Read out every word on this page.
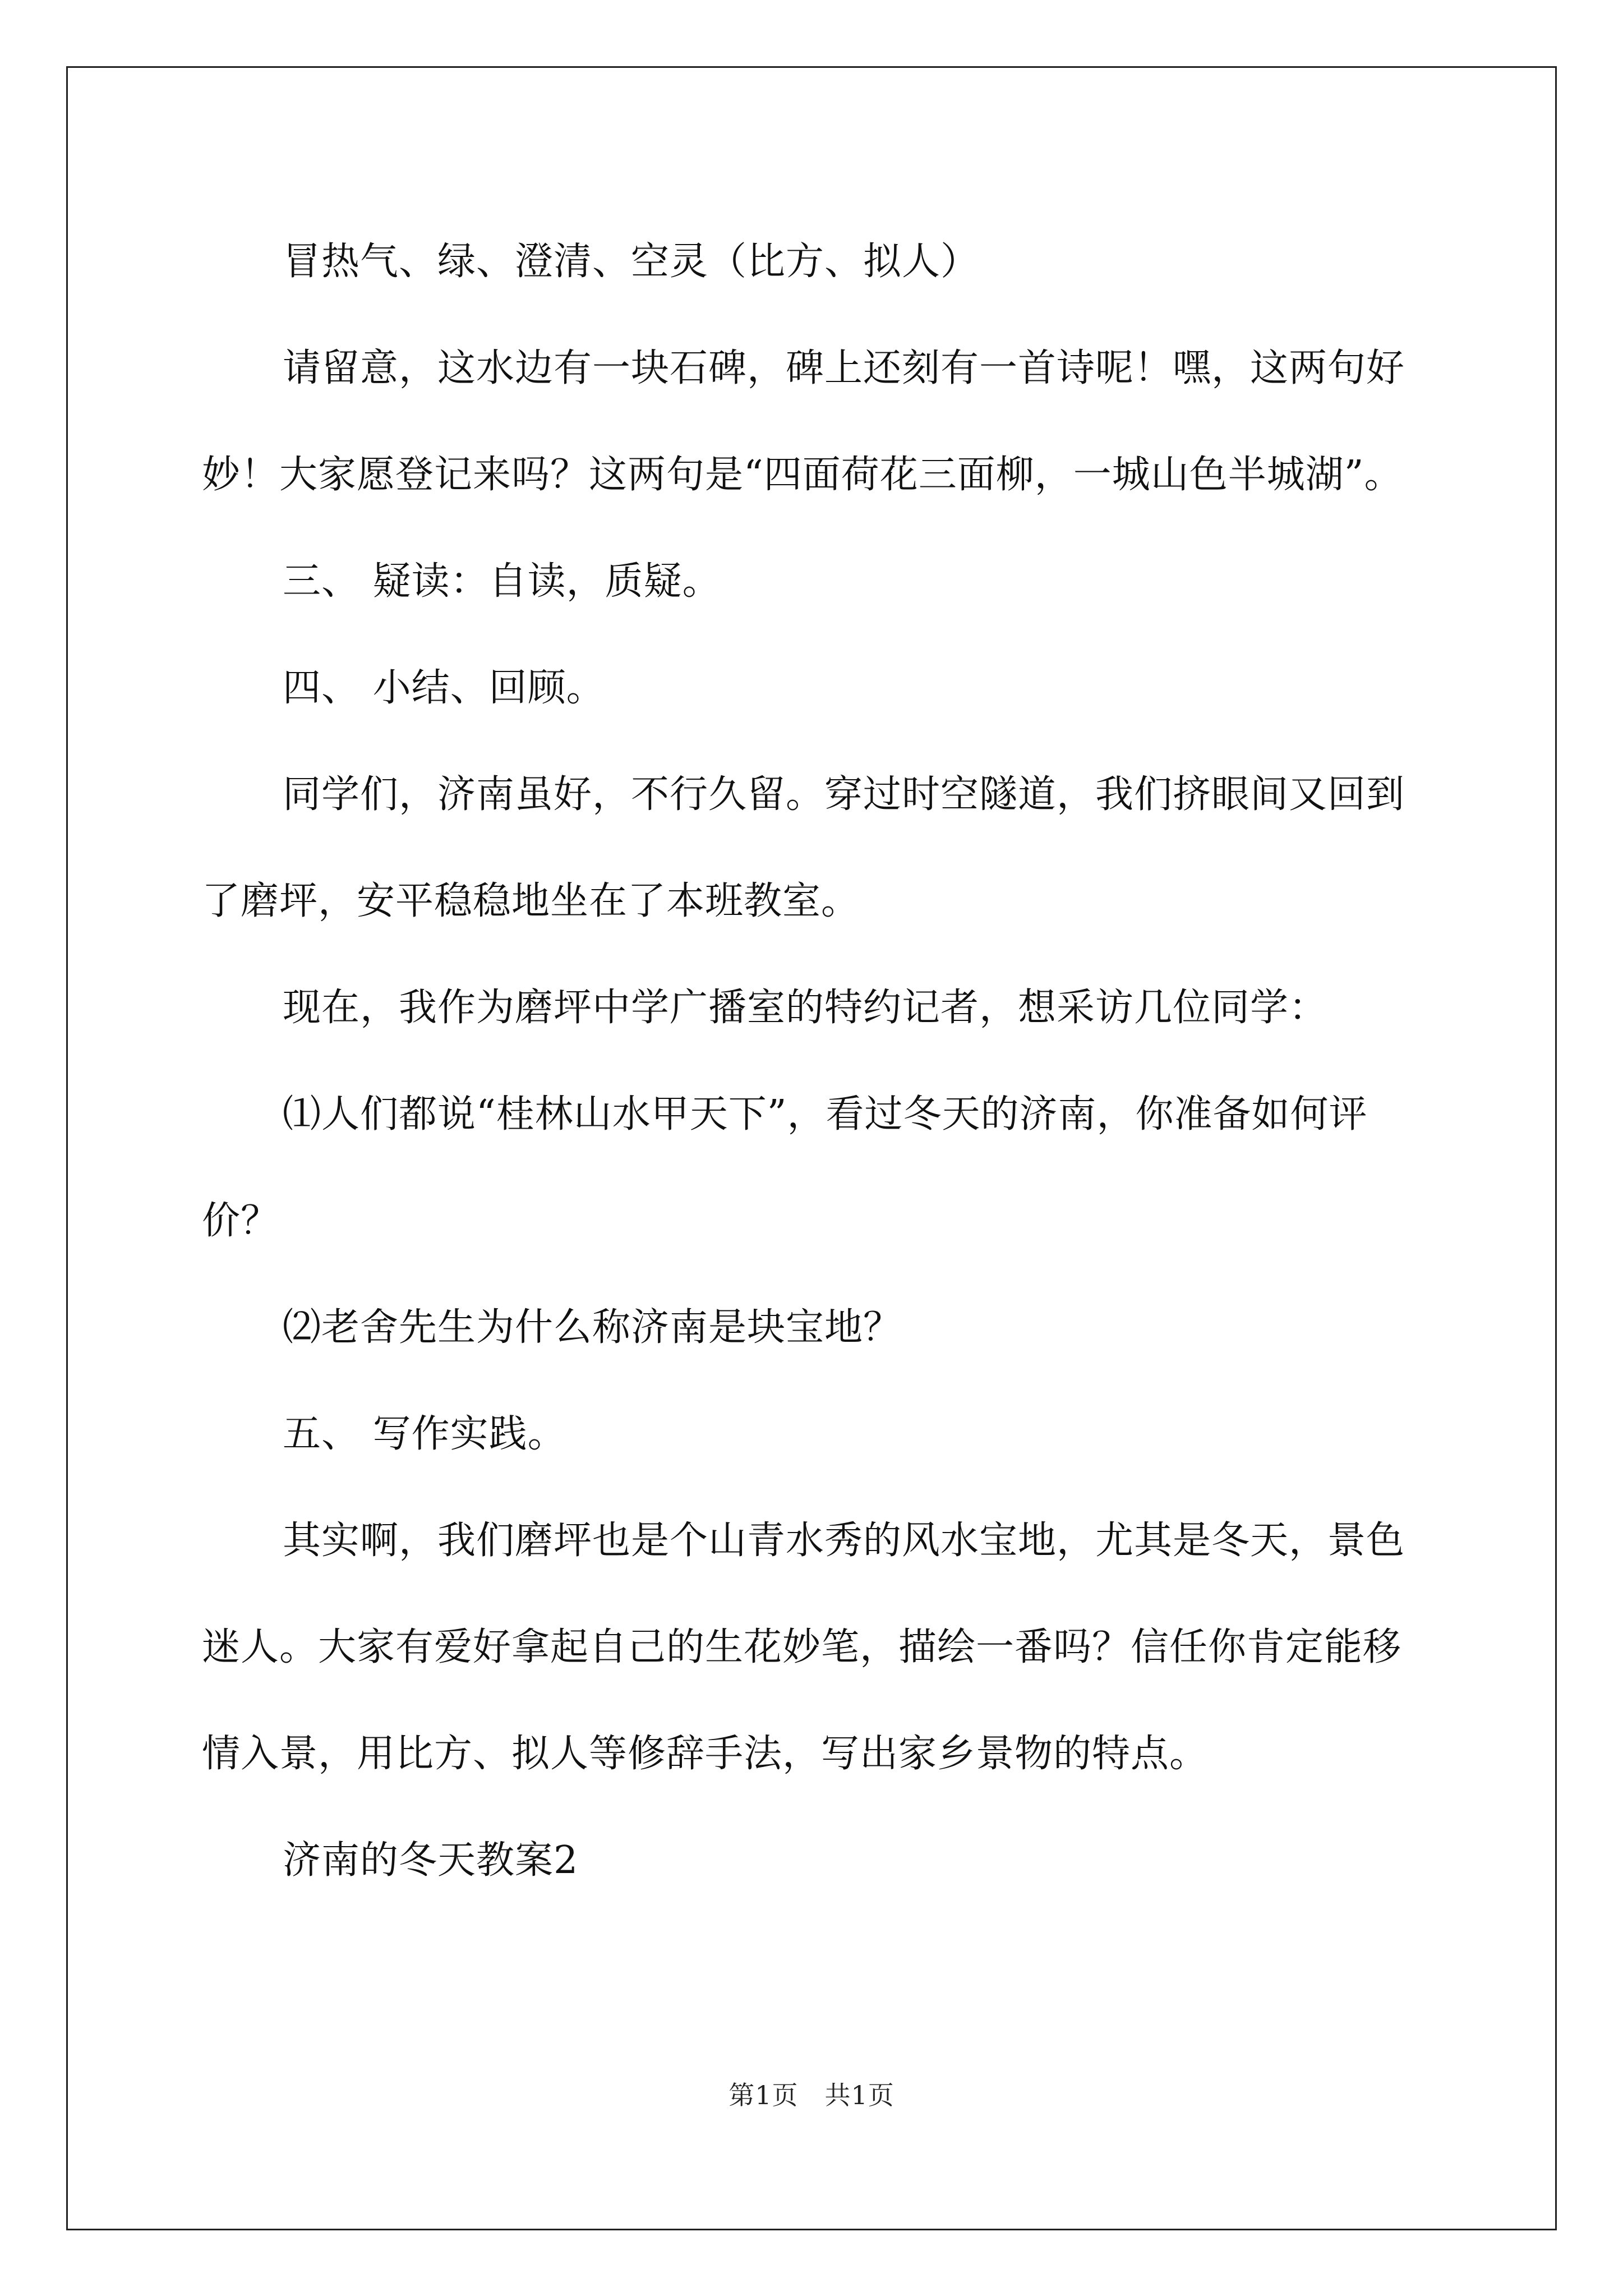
冒热气、绿、澄清、空灵（比方、拟人）

请留意，这水边有一块石碑，碑上还刻有一首诗呢！嘿，这两句好妙！大家愿登记来吗？这两句是“四面荷花三面柳，一城山色半城湖”。

三、 疑读：自读，质疑。

四、 小结、回顾。

同学们，济南虽好，不行久留。穿过时空隧道，我们挤眼间又回到了磨坪，安平稳稳地坐在了本班教室。

现在，我作为磨坪中学广播室的特约记者，想采访几位同学：

⑴人们都说“桂林山水甲天下”，看过冬天的济南，你准备如何评价？

⑵老舍先生为什么称济南是块宝地？

五、 写作实践。

其实啊，我们磨坪也是个山青水秀的风水宝地，尤其是冬天，景色迷人。大家有爱好拿起自己的生花妙笔，描绘一番吗？信任你肯定能移情入景，用比方、拟人等修辞手法，写出家乡景物的特点。

济南的冬天教案2

第1页　共1页
